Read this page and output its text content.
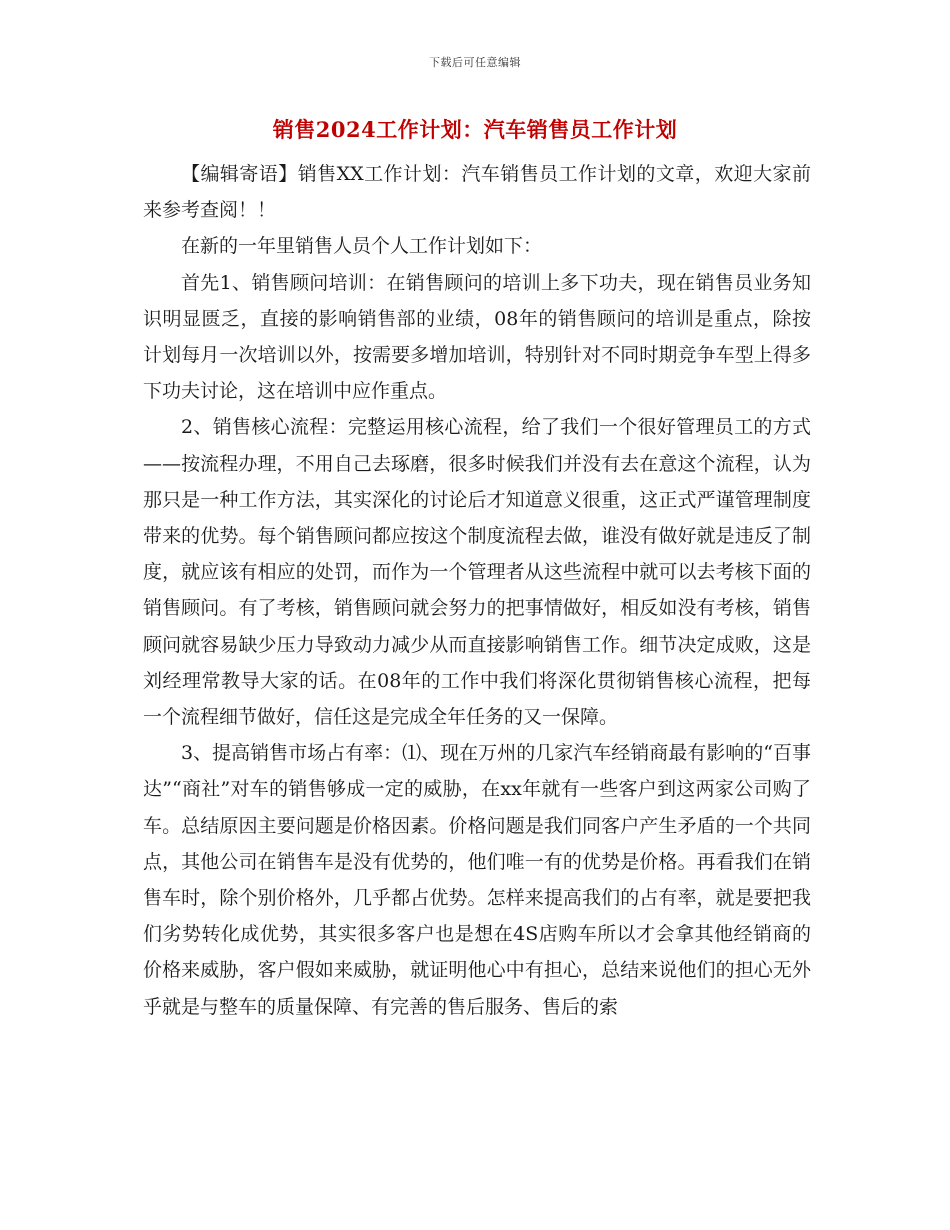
下载后可任意编辑
销售2024工作计划：汽车销售员工作计划

【编辑寄语】销售XX工作计划：汽车销售员工作计划的文章，欢迎大家前来参考查阅！！

在新的一年里销售人员个人工作计划如下：

首先1、销售顾问培训：在销售顾问的培训上多下功夫，现在销售员业务知识明显匮乏，直接的影响销售部的业绩，08年的销售顾问的培训是重点，除按计划每月一次培训以外，按需要多增加培训，特别针对不同时期竞争车型上得多下功夫讨论，这在培训中应作重点。

2、销售核心流程：完整运用核心流程，给了我们一个很好管理员工的方式——按流程办理，不用自己去琢磨，很多时候我们并没有去在意这个流程，认为那只是一种工作方法，其实深化的讨论后才知道意义很重，这正式严谨管理制度带来的优势。每个销售顾问都应按这个制度流程去做，谁没有做好就是违反了制度，就应该有相应的处罚，而作为一个管理者从这些流程中就可以去考核下面的销售顾问。有了考核，销售顾问就会努力的把事情做好，相反如没有考核，销售顾问就容易缺少压力导致动力减少从而直接影响销售工作。细节决定成败，这是刘经理常教导大家的话。在08年的工作中我们将深化贯彻销售核心流程，把每一个流程细节做好，信任这是完成全年任务的又一保障。

3、提高销售市场占有率：⑴、现在万州的几家汽车经销商最有影响的“百事达”“商社”对车的销售够成一定的威胁，在xx年就有一些客户到这两家公司购了车。总结原因主要问题是价格因素。价格问题是我们同客户产生矛盾的一个共同点，其他公司在销售车是没有优势的，他们唯一有的优势是价格。再看我们在销售车时，除个别价格外，几乎都占优势。怎样来提高我们的占有率，就是要把我们劣势转化成优势，其实很多客户也是想在4S店购车所以才会拿其他经销商的价格来威胁，客户假如来威胁，就证明他心中有担心，总结来说他们的担心无外乎就是与整车的质量保障、有完善的售后服务、售后的索
